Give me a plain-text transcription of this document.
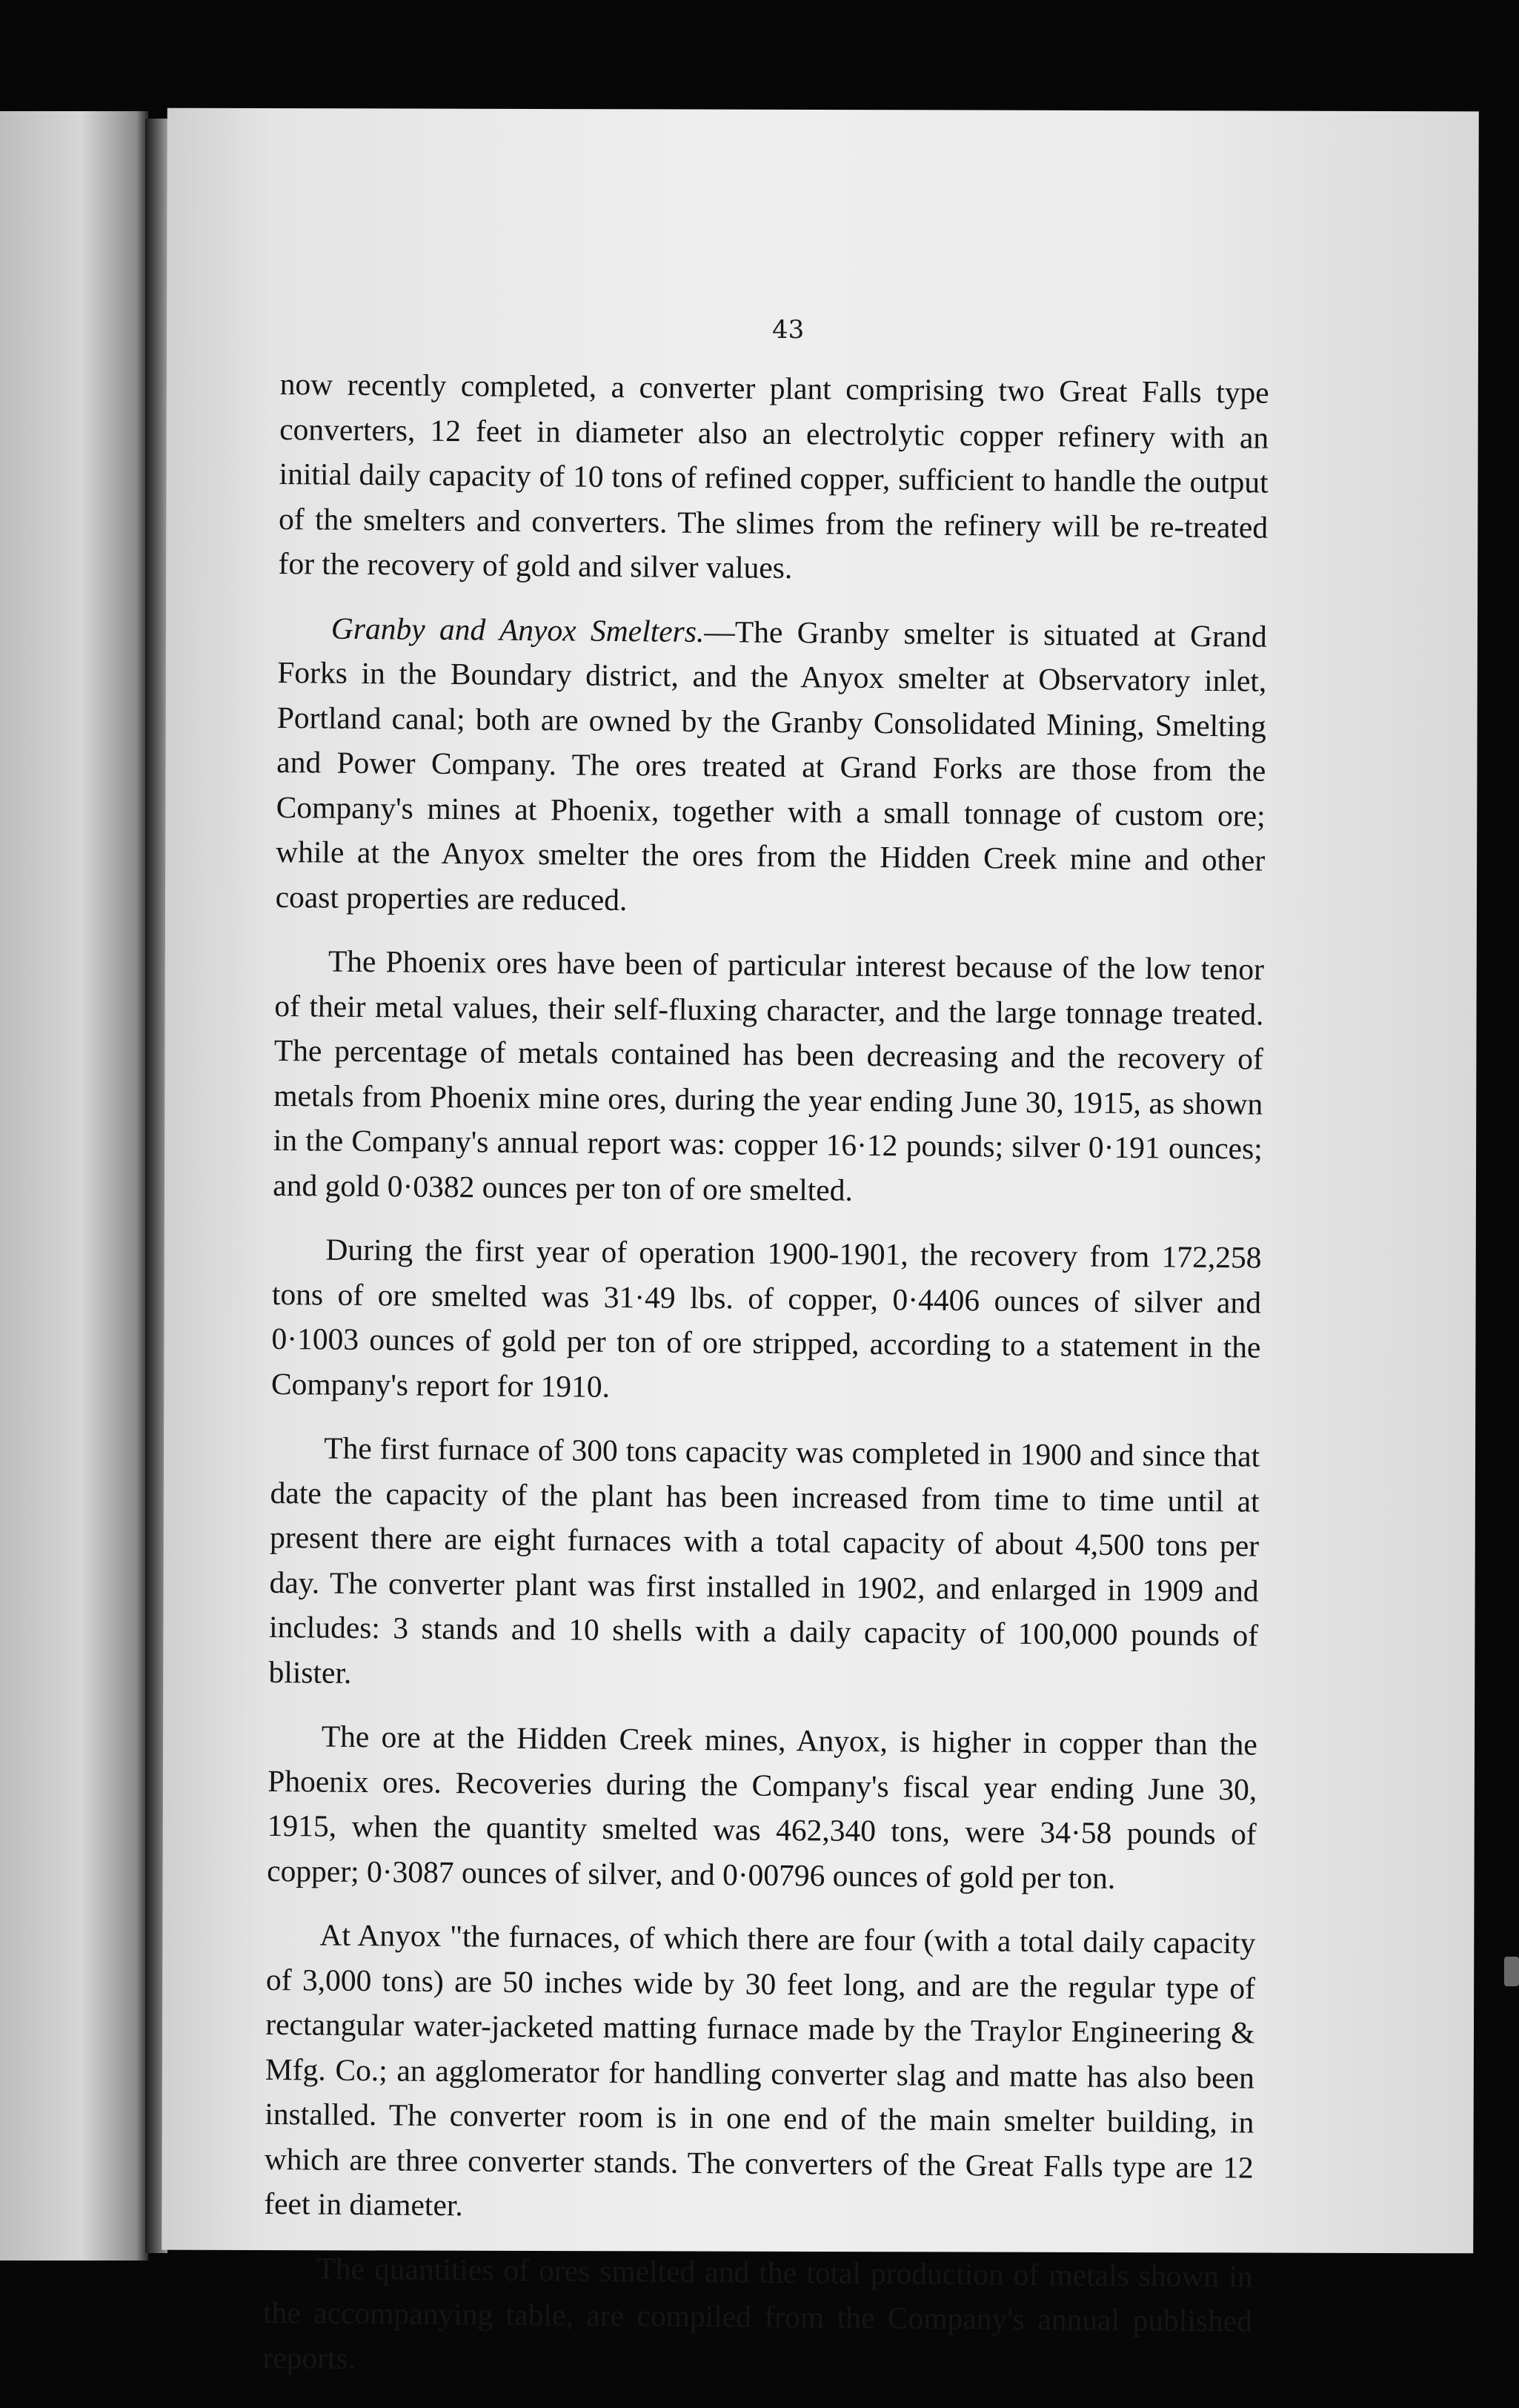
43

now recently completed, a converter plant comprising two Great Falls type converters, 12 feet in diameter also an electrolytic copper refinery with an initial daily capacity of 10 tons of refined copper, sufficient to handle the output of the smelters and converters. The slimes from the refinery will be re-treated for the recovery of gold and silver values.

Granby and Anyox Smelters.—The Granby smelter is situated at Grand Forks in the Boundary district, and the Anyox smelter at Observatory inlet, Portland canal; both are owned by the Granby Consolidated Mining, Smelting and Power Company. The ores treated at Grand Forks are those from the Company's mines at Phoenix, together with a small tonnage of custom ore; while at the Anyox smelter the ores from the Hidden Creek mine and other coast properties are reduced.

The Phoenix ores have been of particular interest because of the low tenor of their metal values, their self-fluxing character, and the large tonnage treated. The percentage of metals contained has been decreasing and the recovery of metals from Phoenix mine ores, during the year ending June 30, 1915, as shown in the Company's annual report was: copper 16·12 pounds; silver 0·191 ounces; and gold 0·0382 ounces per ton of ore smelted.

During the first year of operation 1900-1901, the recovery from 172,258 tons of ore smelted was 31·49 lbs. of copper, 0·4406 ounces of silver and 0·1003 ounces of gold per ton of ore stripped, according to a statement in the Company's report for 1910.

The first furnace of 300 tons capacity was completed in 1900 and since that date the capacity of the plant has been increased from time to time until at present there are eight furnaces with a total capacity of about 4,500 tons per day. The converter plant was first installed in 1902, and enlarged in 1909 and includes: 3 stands and 10 shells with a daily capacity of 100,000 pounds of blister.

The ore at the Hidden Creek mines, Anyox, is higher in copper than the Phoenix ores. Recoveries during the Company's fiscal year ending June 30, 1915, when the quantity smelted was 462,340 tons, were 34·58 pounds of copper; 0·3087 ounces of silver, and 0·00796 ounces of gold per ton.

At Anyox "the furnaces, of which there are four (with a total daily capacity of 3,000 tons) are 50 inches wide by 30 feet long, and are the regular type of rectangular water-jacketed matting furnace made by the Traylor Engineering & Mfg. Co.; an agglomerator for handling converter slag and matte has also been installed. The converter room is in one end of the main smelter building, in which are three converter stands. The converters of the Great Falls type are 12 feet in diameter.

The quantities of ores smelted and the total production of metals shown in the accompanying table, are compiled from the Company's annual published reports.
